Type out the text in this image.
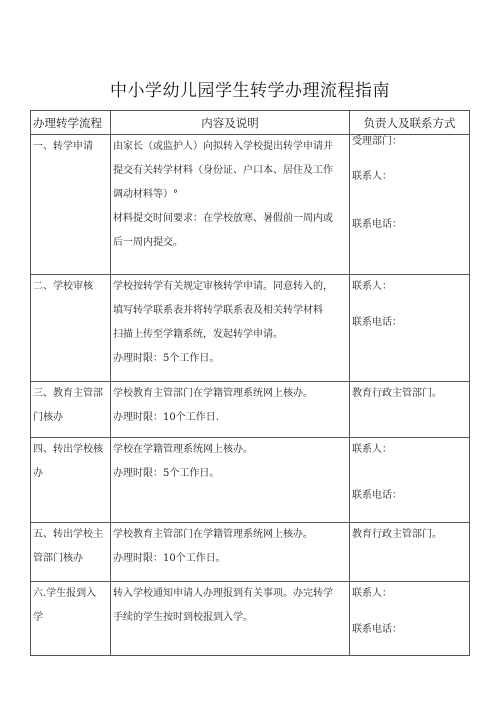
中小学幼儿园学生转学办理流程指南
办理转学流程	内容及说明	负责人及联系方式

一、转学申请	由家长（或监护人）向拟转入学校提出转学申请并
提交有关转学材料（身份证、户口本、居住及工作
调动材料等）°
材料提交时间要求：在学校放寒、暑假前一周内或
后一周内提交。	受理部门：
联系人：
联系电话：

二、学校审核	学校按转学有关规定审核转学申请。同意转入的，
填写转学联系表并将转学联系表及相关转学材料
扫描上传至学籍系统，发起转学申请。
办理时限：5个工作日。	联系人：
联系电话：

三、教育主管部
门核办	学校教育主管部门在学籍管理系统网上核办。
办理时限：10个工作日.	教育行政主管部门。

四、转出学校核
办	学校在学籍管理系统网上核办。
办理时限：5个工作日。	联系人：
联系电话：

五、转出学校主
管部门核办	学校教育主管部门在学籍管理系统网上核办。
办理时限：10个工作日。	教育行政主管部门。

六.学生报到入
学	转入学校通知申请人办理报到有关事项。办完转学
手续的学生按时到校报到入学。	联系人：
联系电话：
